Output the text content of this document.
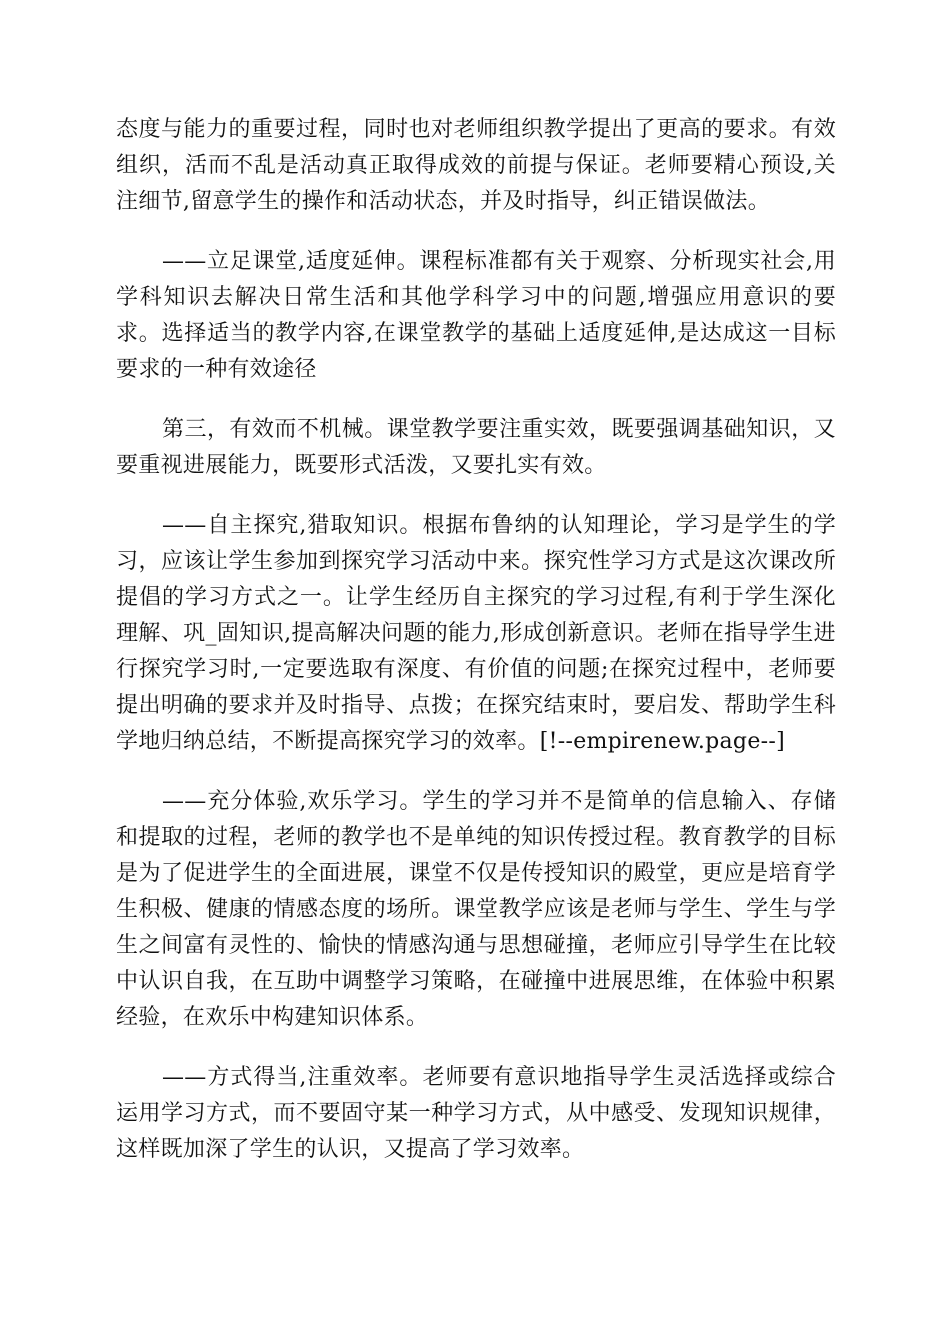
态度与能力的重要过程，同时也对老师组织教学提出了更高的要求。有效组织，活而不乱是活动真正取得成效的前提与保证。老师要精心预设,关注细节,留意学生的操作和活动状态，并及时指导，纠正错误做法。

——立足课堂,适度延伸。课程标准都有关于观察、分析现实社会,用学科知识去解决日常生活和其他学科学习中的问题,增强应用意识的要求。选择适当的教学内容,在课堂教学的基础上适度延伸,是达成这一目标要求的一种有效途径

第三，有效而不机械。课堂教学要注重实效，既要强调基础知识，又要重视进展能力，既要形式活泼，又要扎实有效。

——自主探究,猎取知识。根据布鲁纳的认知理论，学习是学生的学习，应该让学生参加到探究学习活动中来。探究性学习方式是这次课改所提倡的学习方式之一。让学生经历自主探究的学习过程,有利于学生深化理解、巩_固知识,提高解决问题的能力,形成创新意识。老师在指导学生进行探究学习时,一定要选取有深度、有价值的问题;在探究过程中，老师要提出明确的要求并及时指导、点拨；在探究结束时，要启发、帮助学生科学地归纳总结，不断提高探究学习的效率。[!--empirenew.page--]

——充分体验,欢乐学习。学生的学习并不是简单的信息输入、存储和提取的过程，老师的教学也不是单纯的知识传授过程。教育教学的目标是为了促进学生的全面进展，课堂不仅是传授知识的殿堂，更应是培育学生积极、健康的情感态度的场所。课堂教学应该是老师与学生、学生与学生之间富有灵性的、愉快的情感沟通与思想碰撞，老师应引导学生在比较中认识自我，在互助中调整学习策略，在碰撞中进展思维，在体验中积累经验，在欢乐中构建知识体系。

——方式得当,注重效率。老师要有意识地指导学生灵活选择或综合运用学习方式，而不要固守某一种学习方式，从中感受、发现知识规律，这样既加深了学生的认识，又提高了学习效率。
